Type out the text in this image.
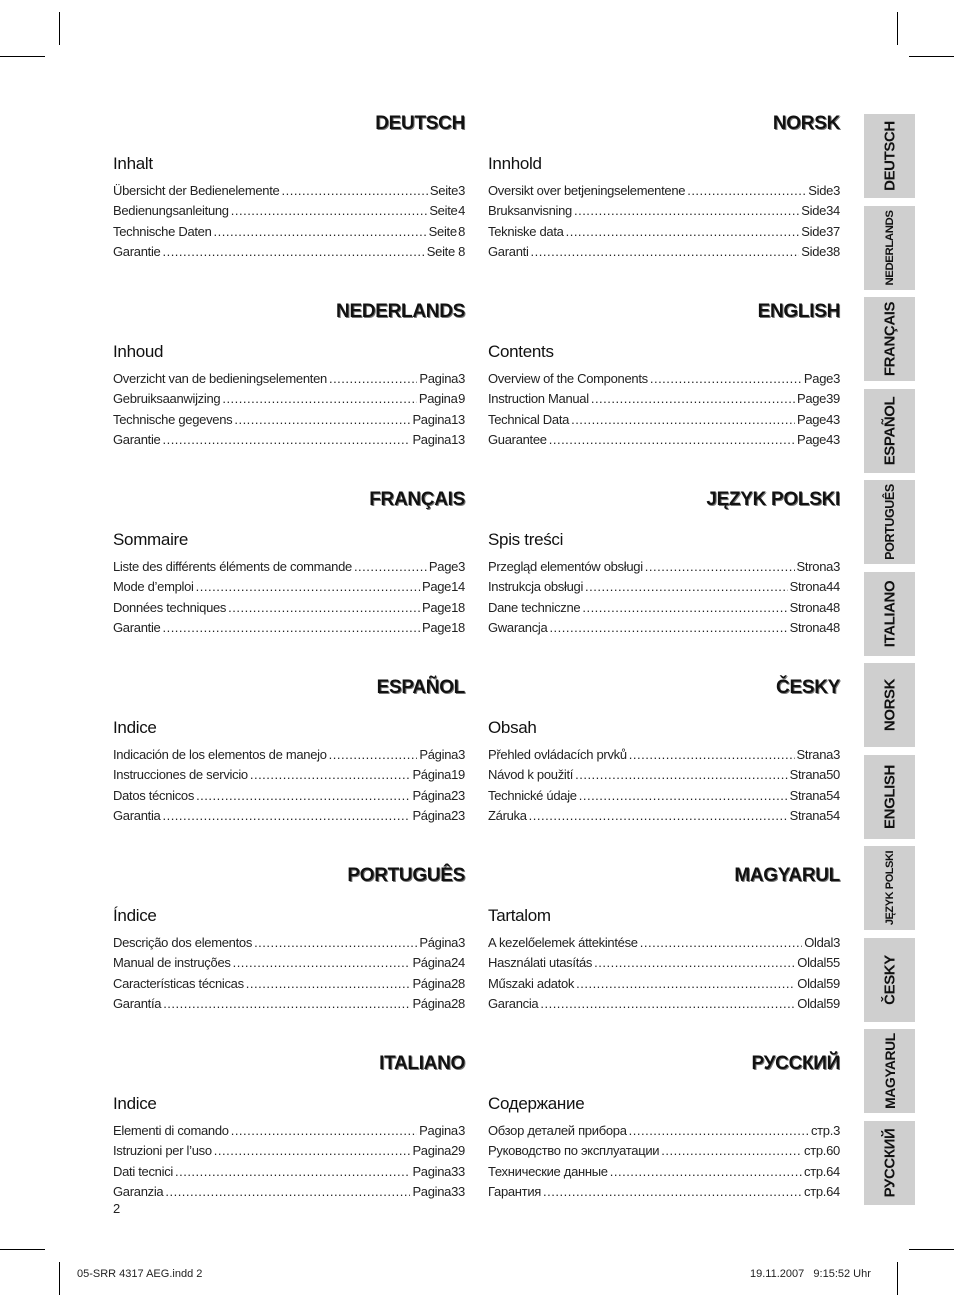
DEUTSCH
Inhalt
Übersicht der Bedienelemente .....	Seite 3
Bedienungsanleitung .....	Seite 4
Technische Daten .....	Seite 8
Garantie .....	Seite 8
NORSK
Innhold
Oversikt over betjeningselementene .....	Side 3
Bruksanvisning .....	Side 34
Tekniske data .....	Side 37
Garanti .....	Side 38
NEDERLANDS
Inhoud
Overzicht van de bedieningselementen .....	Pagina 3
Gebruiksaanwijzing .....	Pagina 9
Technische gegevens .....	Pagina 13
Garantie .....	Pagina 13
ENGLISH
Contents
Overview of the Components .....	Page 3
Instruction Manual .....	Page 39
Technical Data .....	Page 43
Guarantee .....	Page 43
FRANÇAIS
Sommaire
Liste des différents éléments de commande .....	Page 3
Mode d’emploi .....	Page 14
Données techniques .....	Page 18
Garantie .....	Page 18
JĘZYK POLSKI
Spis treści
Przegląd elementów obsługi .....	Strona 3
Instrukcja obsługi .....	Strona 44
Dane techniczne .....	Strona 48
Gwarancja .....	Strona 48
ESPAÑOL
Indice
Indicación de los elementos de manejo .....	Página 3
Instrucciones de servicio .....	Página 19
Datos técnicos .....	Página 23
Garantia .....	Página 23
ČESKY
Obsah
Přehled ovládacích prvků .....	Strana 3
Návod k použití .....	Strana 50
Technické údaje .....	Strana 54
Záruka .....	Strana 54
PORTUGUÊS
Índice
Descrição dos elementos .....	Página 3
Manual de instruções .....	Página 24
Características técnicas .....	Página 28
Garantía .....	Página 28
MAGYARUL
Tartalom
A kezelőelemek áttekintése .....	Oldal 3
Használati utasítás .....	Oldal 55
Műszaki adatok .....	Oldal 59
Garancia .....	Oldal 59
ITALIANO
Indice
Elementi di comando .....	Pagina 3
Istruzioni per l’uso .....	Pagina 29
Dati tecnici .....	Pagina 33
Garanzia .....	Pagina 33
РУССКИЙ
Содержание
Обзор деталей прибора .....	стр. 3
Руководство по эксплуатации .....	стр. 60
Технические данные .....	стр. 64
Гарантия .....	стр. 64
DEUTSCH
NEDERLANDS
FRANÇAIS
ESPAÑOL
PORTUGUÊS
ITALIANO
NORSK
ENGLISH
JĘZYK POLSKI
ČESKY
MAGYARUL
РУССКИЙ
2
05-SRR 4317 AEG.indd 2	19.11.2007   9:15:52 Uhr
